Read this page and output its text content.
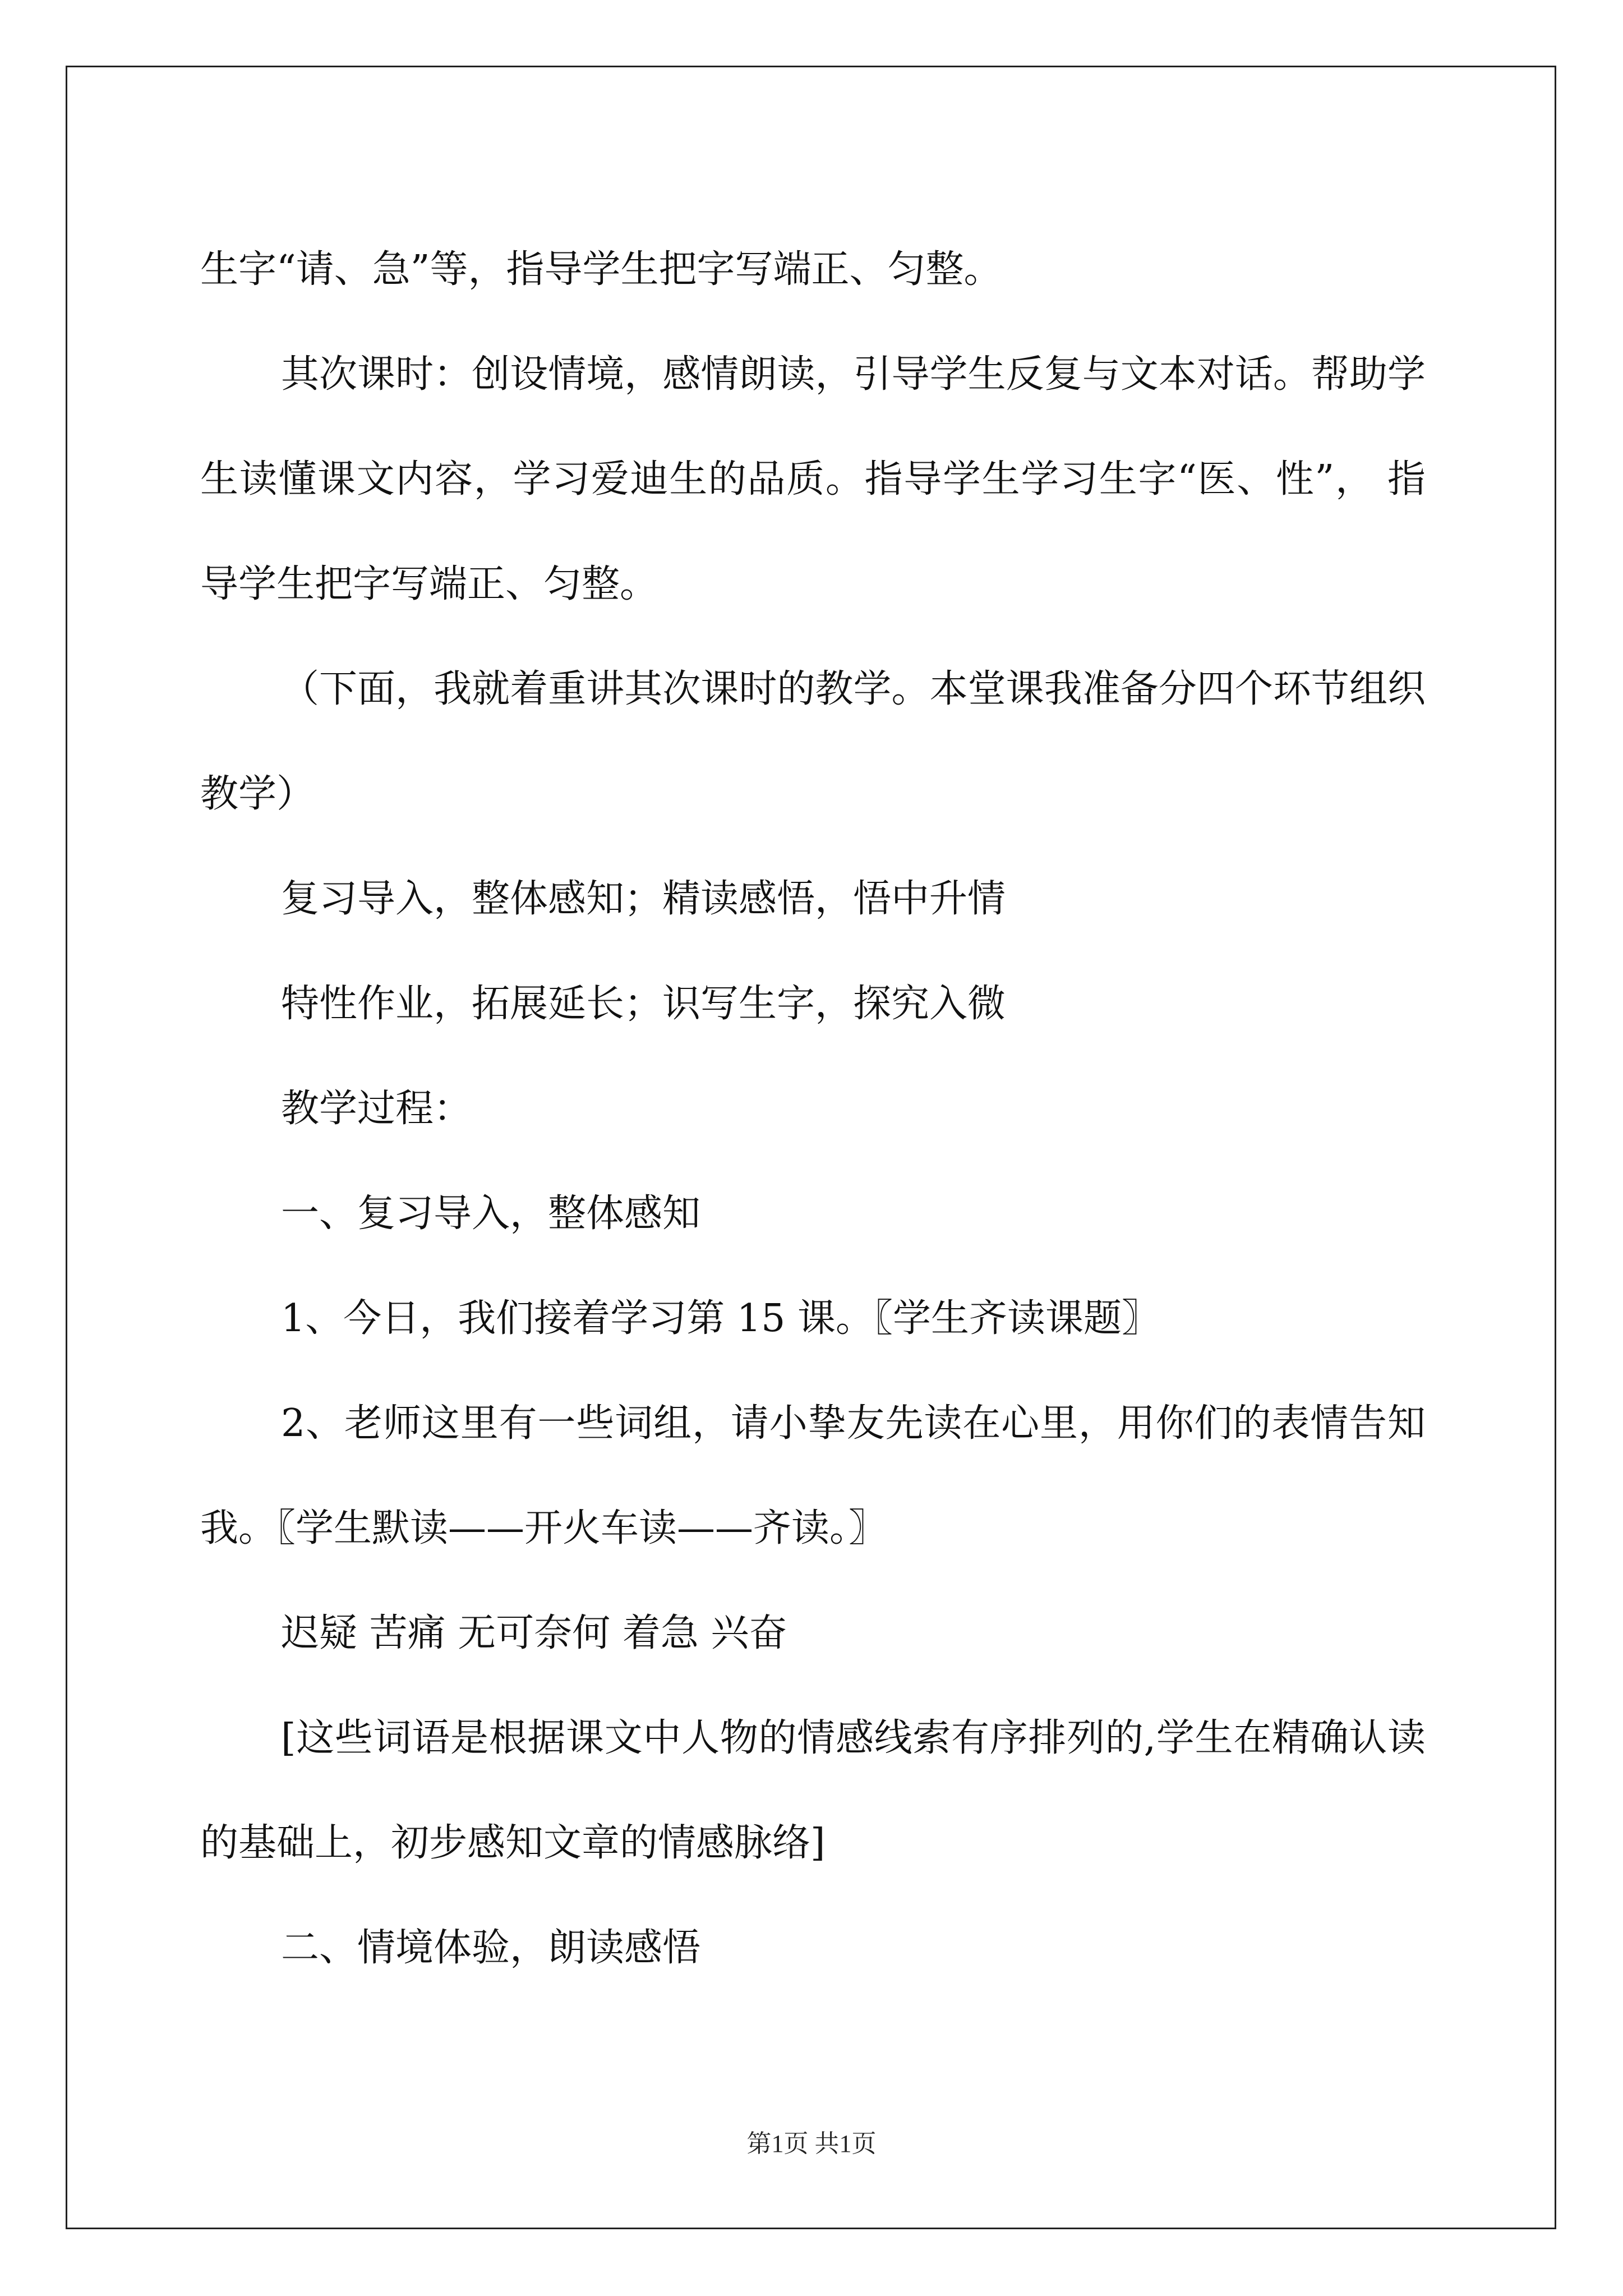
生字“请、急”等，指导学生把字写端正、匀整。

其次课时：创设情境，感情朗读，引导学生反复与文本对话。帮助学生读懂课文内容，学习爱迪生的品质。指导学生学习生字“医、性”， 指导学生把字写端正、匀整。

（下面，我就着重讲其次课时的教学。本堂课我准备分四个环节组织教学）

复习导入，整体感知；精读感悟，悟中升情

特性作业，拓展延长；识写生字，探究入微

教学过程：

一、复习导入，整体感知

1、今日，我们接着学习第 15 课。〖学生齐读课题〗

2、老师这里有一些词组，请小挚友先读在心里，用你们的表情告知我。〖学生默读——开火车读——齐读。〗

迟疑 苦痛 无可奈何 着急 兴奋

[这些词语是根据课文中人物的情感线索有序排列的,学生在精确认读的基础上，初步感知文章的情感脉络]

二、情境体验，朗读感悟

第1页 共1页
